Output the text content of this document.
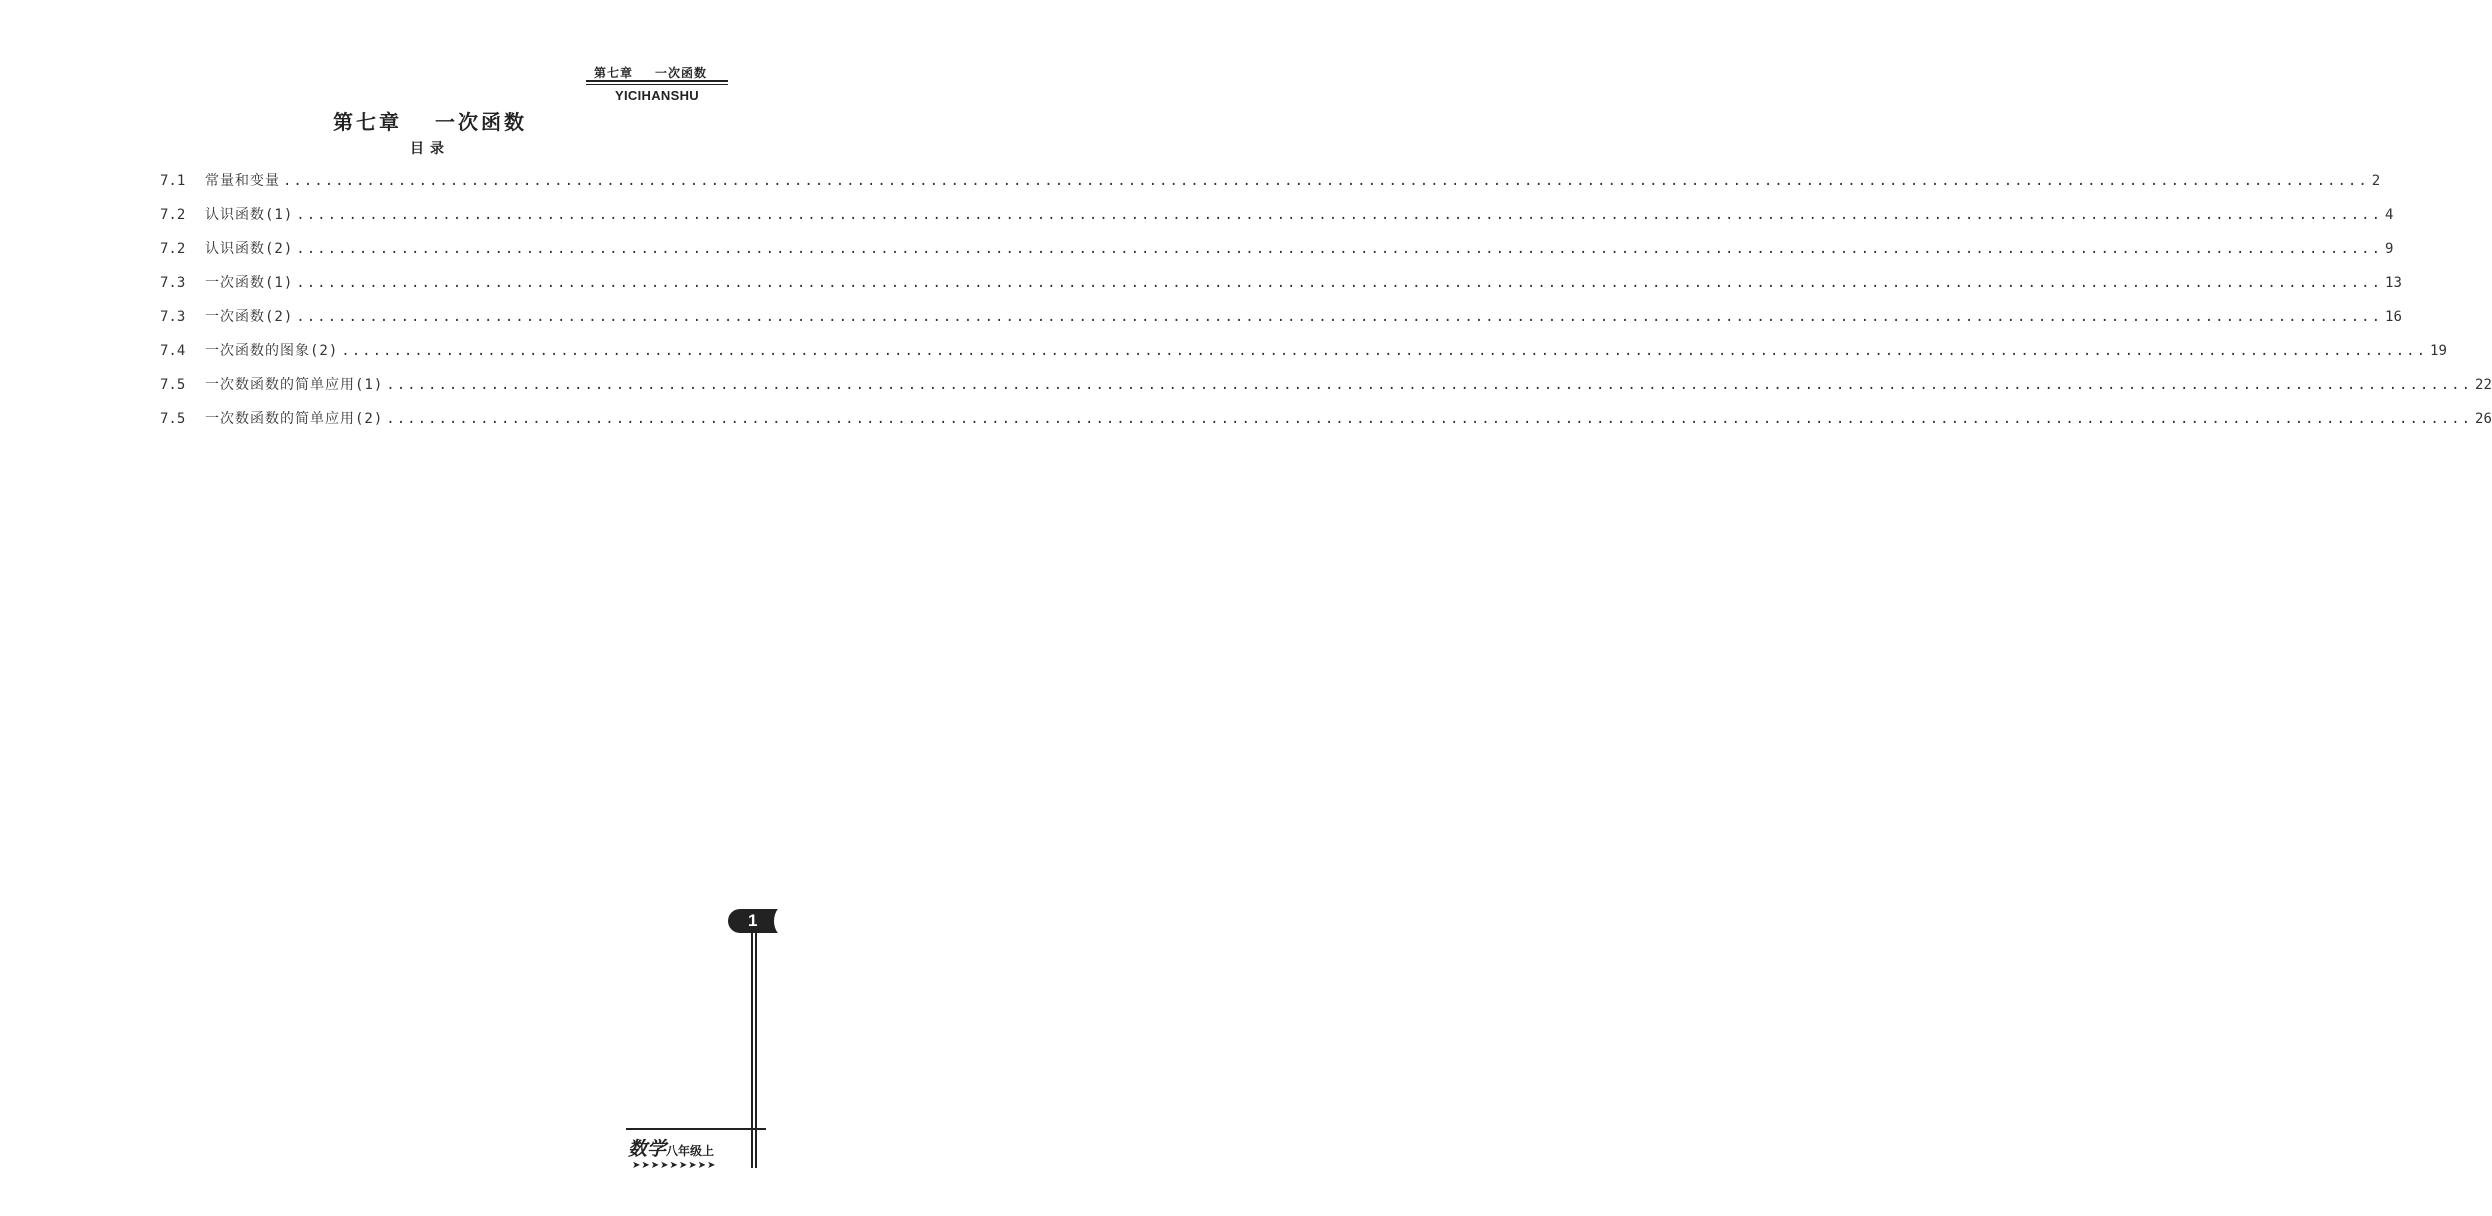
第七章 一次函数
YICIHANSHU
第七章　 一次函数
目录
7.1	常量和变量 ........................................................................................................................................................................................................ 2
7.2	认识函数(1) ........................................................................................................................................................................................................ 4
7.2	认识函数(2) ........................................................................................................................................................................................................ 9
7.3	一次函数(1) ........................................................................................................................................................................................................ 13
7.3	一次函数(2) ........................................................................................................................................................................................................ 16
7.4	一次函数的图象(2) ........................................................................................................................................................................................................ 19
7.5	一次数函数的简单应用(1) ........................................................................................................................................................................................................ 22
7.5	一次数函数的简单应用(2) ........................................................................................................................................................................................................ 26
1
数学八年级上
➤➤➤➤➤➤➤➤➤
